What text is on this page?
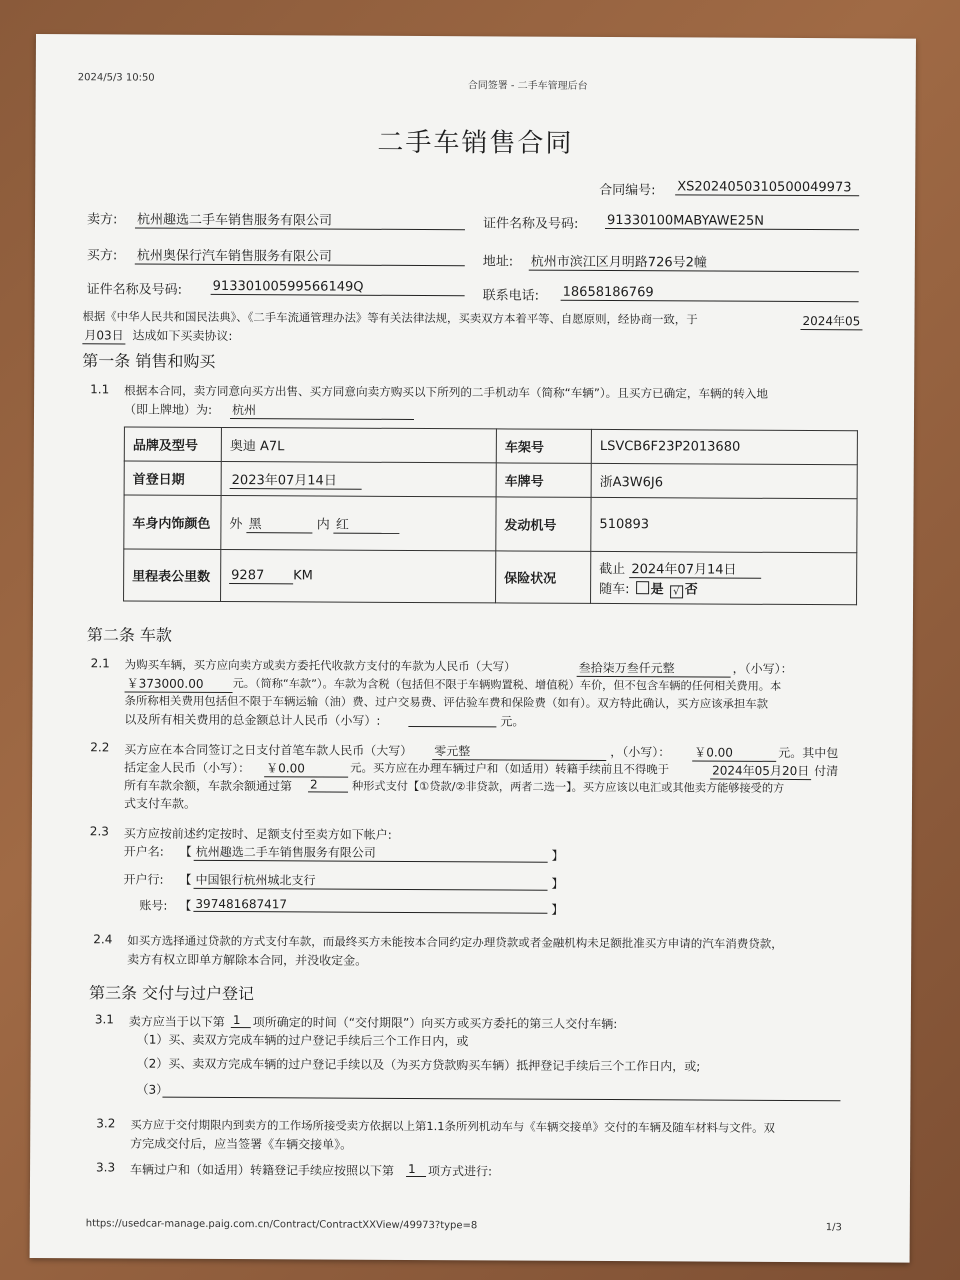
2024/5/3 10:50
合同签署 - 二手车管理后台
二手车销售合同
合同编号: XS2024050310500049973
卖方: 杭州趣选二手车销售服务有限公司	证件名称及号码: 91330100MABYAWE25N
买方: 杭州奥保行汽车销售服务有限公司	地址: 杭州市滨江区月明路726号2幢
证件名称及号码: 91330100599566149Q
联系电话: 18658186769
根据《中华人民共和国民法典》、《二手车流通管理办法》等有关法律法规，买卖双方本着平等、自愿原则，经协商一致，于	2024年05
月03日 达成如下买卖协议:
第一条 销售和购买
1.1 根据本合同，卖方同意向买方出售、买方同意向卖方购买以下所列的二手机动车（简称“车辆”）。且买方已确定，车辆的转入地
（即上牌地）为: 杭州
品牌及型号	奥迪 A7L	车架号	LSVCB6F23P2013680
首登日期	2023年07月14日	车牌号	浙A3W6J6
车身内饰颜色	外 黑 内 红	发动机号	510893
里程表公里数	9287 KM	保险状况	截止 2024年07月14日
随车: 是 √ 否
第二条 车款
2.1 为购买车辆，买方应向卖方或卖方委托代收款方支付的车款为人民币（大写）	叁拾柒万叁仟元整	，（小写）：
￥373000.00	元。（简称“车款”）。车款为含税（包括但不限于车辆购置税、增值税）车价，但不包含车辆的任何相关费用。本
条所称相关费用包括但不限于车辆运输（油）费、过户交易费、评估验车费和保险费（如有）。双方特此确认，买方应该承担车款
以及所有相关费用的总金额总计人民币（小写）:	元。
2.2 买方应在本合同签订之日支付首笔车款人民币（大写） 零元整	，（小写）： ￥0.00	元。其中包
括定金人民币（小写）： ￥0.00	元。买方应在办理车辆过户和（如适用）转籍手续前且不得晚于	2024年05月20日 付清
所有车款余额，车款余额通过第 2	种形式支付【①贷款/②非贷款，两者二选一】。买方应该以电汇或其他卖方能够接受的方
式支付车款。
2.3 买方应按前述约定按时、足额支付至卖方如下帐户:
开户名: 【 杭州趣选二手车销售服务有限公司	】
开户行: 【 中国银行杭州城北支行	】
账号: 【 397481687417	】
2.4 如买方选择通过贷款的方式支付车款，而最终买方未能按本合同约定办理贷款或者金融机构未足额批准买方申请的汽车消费贷款，
卖方有权立即单方解除本合同，并没收定金。
第三条 交付与过户登记
3.1 卖方应当于以下第 1	项所确定的时间（“交付期限”）向买方或买方委托的第三人交付车辆:
（1）买、卖双方完成车辆的过户登记手续后三个工作日内，或
（2）买、卖双方完成车辆的过户登记手续以及（为买方贷款购买车辆）抵押登记手续后三个工作日内，或;
（3）
3.2 买方应于交付期限内到卖方的工作场所接受卖方依据以上第1.1条所列机动车与《车辆交接单》交付的车辆及随车材料与文件。双
方完成交付后，应当签署《车辆交接单》。
3.3 车辆过户和（如适用）转籍登记手续应按照以下第 1	项方式进行:
https://usedcar-manage.paig.com.cn/Contract/ContractXXView/49973?type=8	1/3
